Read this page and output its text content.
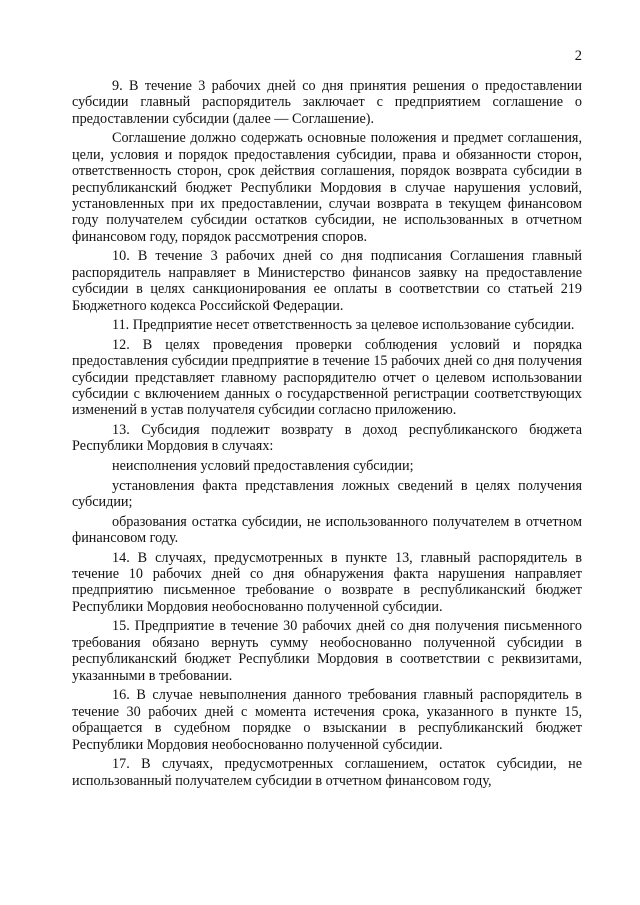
2

9. В течение 3 рабочих дней со дня принятия решения о предоставлении субсидии главный распорядитель заключает с предприятием соглашение о предоставлении субсидии (далее — Соглашение).

Соглашение должно содержать основные положения и предмет соглашения, цели, условия и порядок предоставления субсидии, права и обязанности сторон, ответственность сторон, срок действия соглашения, порядок возврата субсидии в республиканский бюджет Республики Мордовия в случае нарушения условий, установленных при их предоставлении, случаи возврата в текущем финансовом году получателем субсидии остатков субсидии, не использованных в отчетном финансовом году, порядок рассмотрения споров.

10. В течение 3 рабочих дней со дня подписания Соглашения главный распорядитель направляет в Министерство финансов заявку на предоставление субсидии в целях санкционирования ее оплаты в соответствии со статьей 219 Бюджетного кодекса Российской Федерации.

11. Предприятие несет ответственность за целевое использование субсидии.

12. В целях проведения проверки соблюдения условий и порядка предоставления субсидии предприятие в течение 15 рабочих дней со дня получения субсидии представляет главному распорядителю отчет о целевом использовании субсидии с включением данных о государственной регистрации соответствующих изменений в устав получателя субсидии согласно приложению.

13. Субсидия подлежит возврату в доход республиканского бюджета Республики Мордовия в случаях:

неисполнения условий предоставления субсидии;

установления факта представления ложных сведений в целях получения субсидии;

образования остатка субсидии, не использованного получателем в отчетном финансовом году.

14. В случаях, предусмотренных в пункте 13, главный распорядитель в течение 10 рабочих дней со дня обнаружения факта нарушения направляет предприятию письменное требование о возврате в республиканский бюджет Республики Мордовия необоснованно полученной субсидии.

15. Предприятие в течение 30 рабочих дней со дня получения письменного требования обязано вернуть сумму необоснованно полученной субсидии в республиканский бюджет Республики Мордовия в соответствии с реквизитами, указанными в требовании.

16. В случае невыполнения данного требования главный распорядитель в течение 30 рабочих дней с момента истечения срока, указанного в пункте 15, обращается в судебном порядке о взыскании в республиканский бюджет Республики Мордовия необоснованно полученной субсидии.

17. В случаях, предусмотренных соглашением, остаток субсидии, не использованный получателем субсидии в отчетном финансовом году,
